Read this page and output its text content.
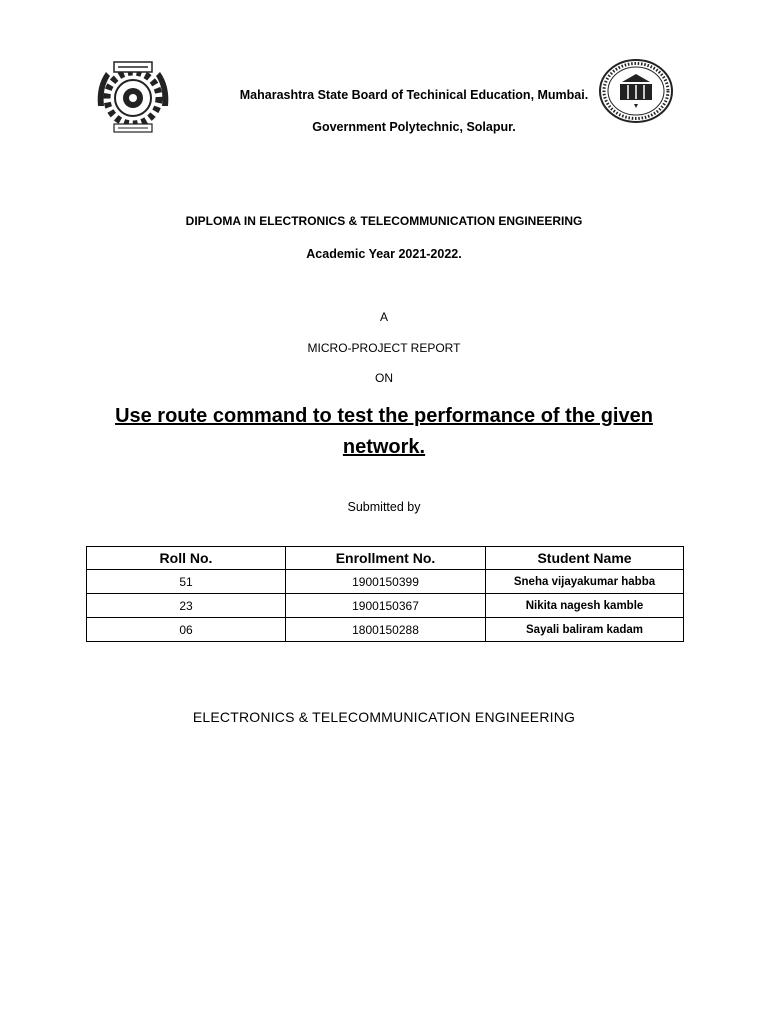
Maharashtra State Board of Techinical Education, Mumbai.
Government Polytechnic, Solapur.
DIPLOMA IN ELECTRONICS & TELECOMMUNICATION ENGINEERING
Academic Year 2021-2022.
A
MICRO-PROJECT REPORT
ON
Use route command to test the performance of the given network.
Submitted by
Roll No.	Enrollment No.	Student Name
51	1900150399	Sneha vijayakumar habba
23	1900150367	Nikita nagesh kamble
06	1800150288	Sayali baliram kadam
ELECTRONICS & TELECOMMUNICATION ENGINEERING
